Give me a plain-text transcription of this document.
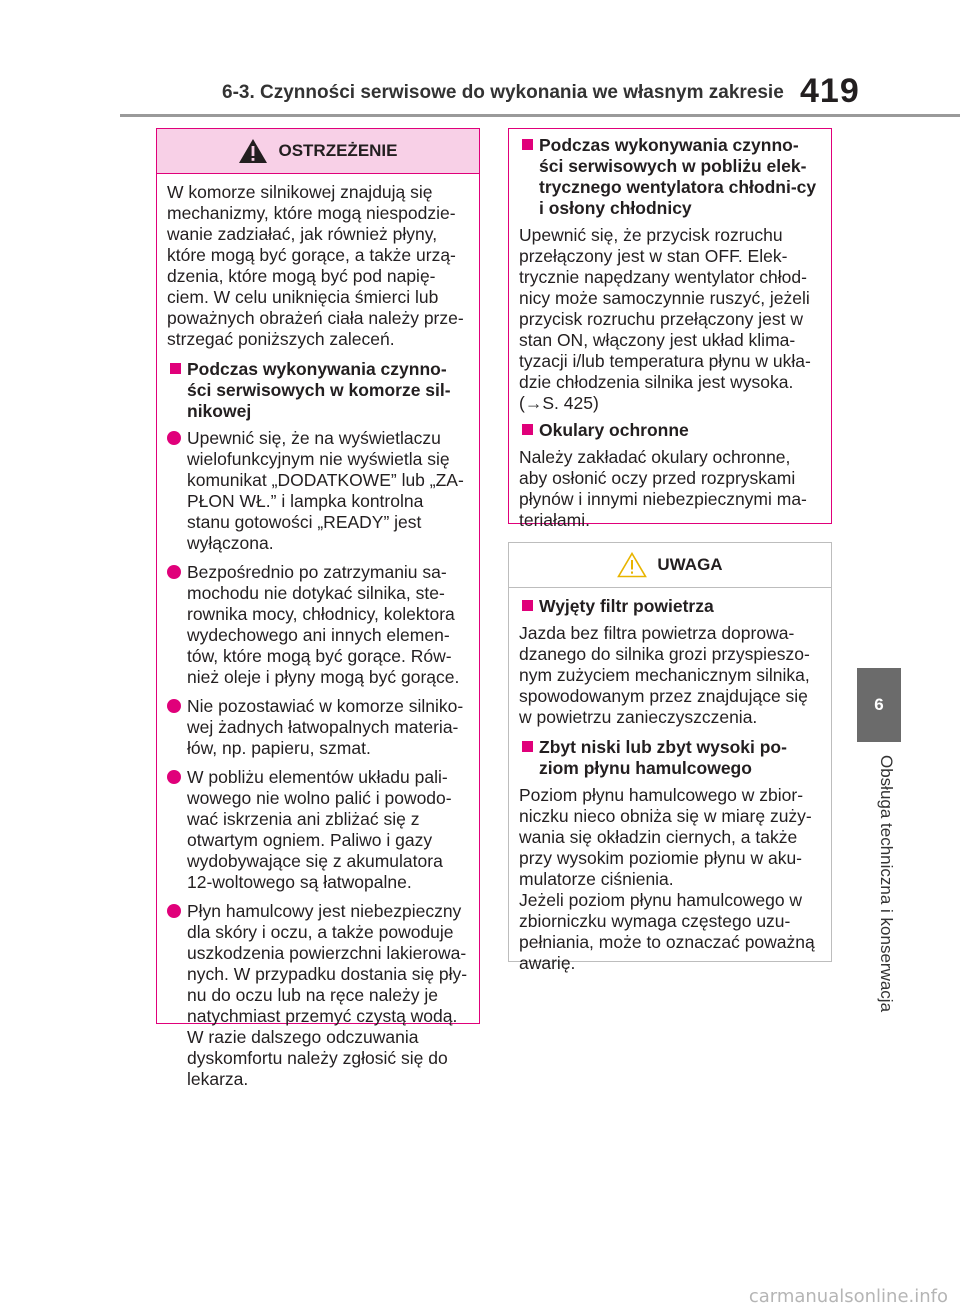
6-3. Czynności serwisowe do wykonania we własnym zakresie 419
6
Obsługa techniczna i konserwacja
OSTRZEŻENIE

W komorze silnikowej znajdują się mechanizmy, które mogą niespodzie-wanie zadziałać, jak również płyny, które mogą być gorące, a także urzą-dzenia, które mogą być pod napię-ciem. W celu uniknięcia śmierci lub poważnych obrażeń ciała należy prze-strzegać poniższych zaleceń.

Podczas wykonywania czynno-ści serwisowych w komorze sil-nikowej
Upewnić się, że na wyświetlaczu wielofunkcyjnym nie wyświetla się komunikat „DODATKOWE” lub „ZA-PŁON WŁ.” i lampka kontrolna stanu gotowości „READY” jest wyłączona.
Bezpośrednio po zatrzymaniu sa-mochodu nie dotykać silnika, ste-rownika mocy, chłodnicy, kolektora wydechowego ani innych elemen-tów, które mogą być gorące. Rów-nież oleje i płyny mogą być gorące.
Nie pozostawiać w komorze silniko-wej żadnych łatwopalnych materia-łów, np. papieru, szmat.
W pobliżu elementów układu pali-wowego nie wolno palić i powodo-wać iskrzenia ani zbliżać się z otwartym ogniem. Paliwo i gazy wydobywające się z akumulatora 12-woltowego są łatwopalne.
Płyn hamulcowy jest niebezpieczny dla skóry i oczu, a także powoduje uszkodzenia powierzchni lakierowa-nych. W przypadku dostania się pły-nu do oczu lub na ręce należy je natychmiast przemyć czystą wodą. W razie dalszego odczuwania dyskomfortu należy zgłosić się do lekarza.
Podczas wykonywania czynno-ści serwisowych w pobliżu elek-trycznego wentylatora chłodni-cy i osłony chłodnicy

Upewnić się, że przycisk rozruchu przełączony jest w stan OFF. Elek-trycznie napędzany wentylator chłod-nicy może samoczynnie ruszyć, jeżeli przycisk rozruchu przełączony jest w stan ON, włączony jest układ klima-tyzacji i/lub temperatura płynu w ukła-dzie chłodzenia silnika jest wysoka.
(→S. 425)

Okulary ochronne

Należy zakładać okulary ochronne, aby osłonić oczy przed rozpryskami płynów i innymi niebezpiecznymi ma-teriałami.

UWAGA
Wyjęty filtr powietrza

Jazda bez filtra powietrza doprowa-dzanego do silnika grozi przyspieszo-nym zużyciem mechanicznym silnika, spowodowanym przez znajdujące się w powietrzu zanieczyszczenia.

Zbyt niski lub zbyt wysoki po-ziom płynu hamulcowego

Poziom płynu hamulcowego w zbior-niczku nieco obniża się w miarę zuży-wania się okładzin ciernych, a także przy wysokim poziomie płynu w aku-mulatorze ciśnienia.
Jeżeli poziom płynu hamulcowego w zbiorniczku wymaga częstego uzu-pełniania, może to oznaczać poważną awarię.

carmanualsonline.info
